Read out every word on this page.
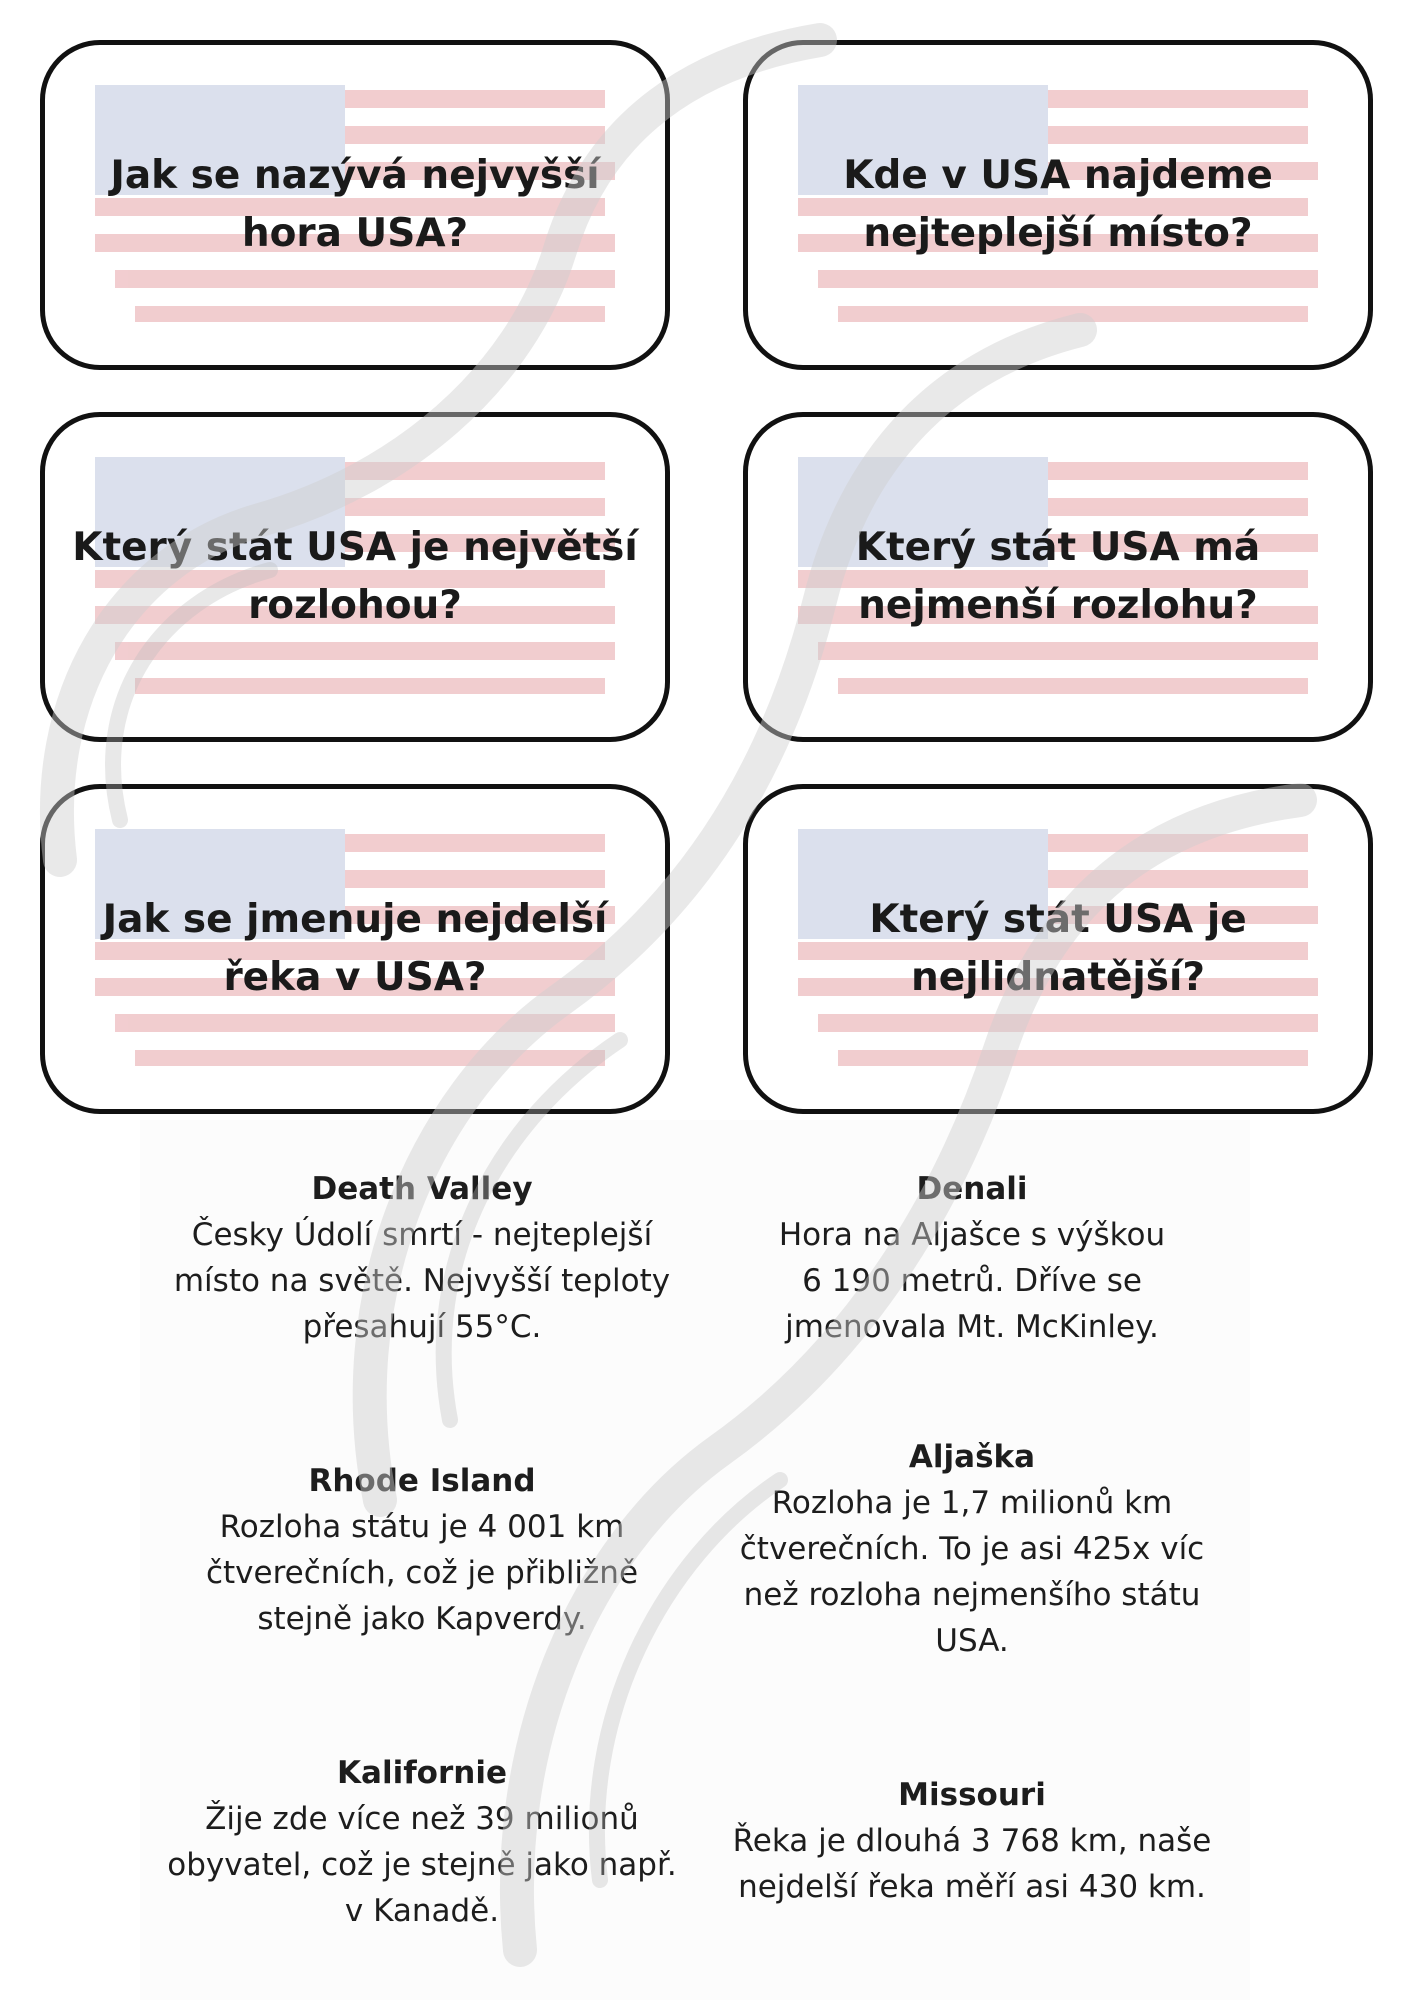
Jak se nazývá nejvyšší hora USA?
Kde v USA najdeme nejteplejší místo?
Který stát USA je největší rozlohou?
Který stát USA má nejmenší rozlohu?
Jak se jmenuje nejdelší řeka v USA?
Který stát USA je nejlidnatější?
Death Valley
Česky Údolí smrtí - nejteplejší
místo na světě. Nejvyšší teploty
přesahují 55°C.
Denali
Hora na Aljašce s výškou
6 190 metrů. Dříve se
jmenovala Mt. McKinley.
Rhode Island
Rozloha státu je 4 001 km
čtverečních, což je přibližně
stejně jako Kapverdy.
Aljaška
Rozloha je 1,7 milionů km
čtverečních. To je asi 425x víc
než rozloha nejmenšího státu
USA.
Kalifornie
Žije zde více než 39 milionů
obyvatel, což je stejně jako např.
v Kanadě.
Missouri
Řeka je dlouhá 3 768 km, naše
nejdelší řeka měří asi 430 km.
